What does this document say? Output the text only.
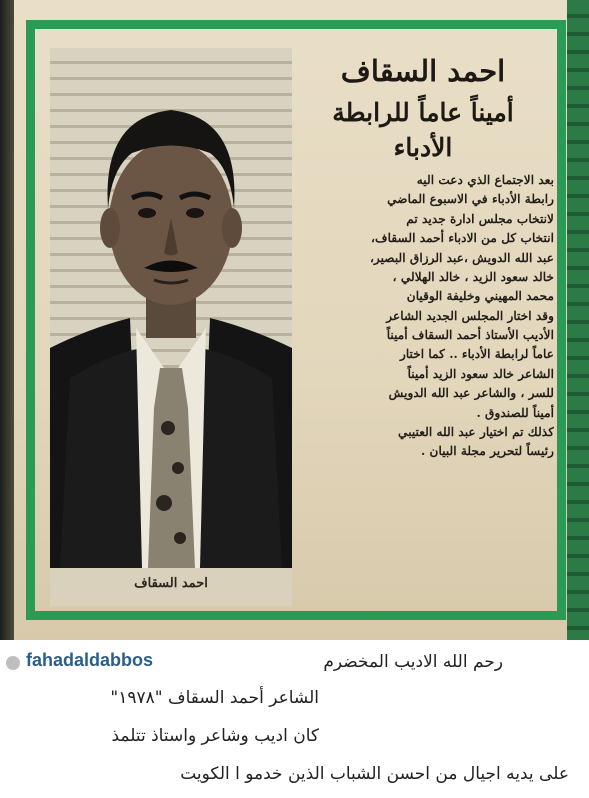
احمد السقاف
احمد السقاف
أميناً عاماً للرابطة
الأدباء
بعد الاجتماع الذي دعت اليه
رابطة الأدباء في الاسبوع الماضي
لانتخاب مجلس ادارة جديد تم
انتخاب كل من الادباء أحمد السقاف،
عبد الله الدويش ،عبد الرزاق البصير،
خالد سعود الزيد ، خالد الهلالي ،
محمد المهيني وخليفة الوقيان
وقد اختار المجلس الجديد الشاعر
الأديب الأستاذ أحمد السقاف أميناً
عاماً لرابطة الأدباء .. كما اختار
الشاعر خالد سعود الزيد أميناً
للسر ، والشاعر عبد الله الدويش
أميناً للصندوق .
كذلك تم اختيار عبد الله العتيبي
رئيساً لتحرير مجلة البيان .
fahadaldabbos	رحم الله الاديب المخضرم
الشاعر أحمد السقاف "١٩٧٨"
كان اديب وشاعر واستاذ تتلمذ
على يديه اجيال من احسن الشباب الذين خدمو ا الكويت
